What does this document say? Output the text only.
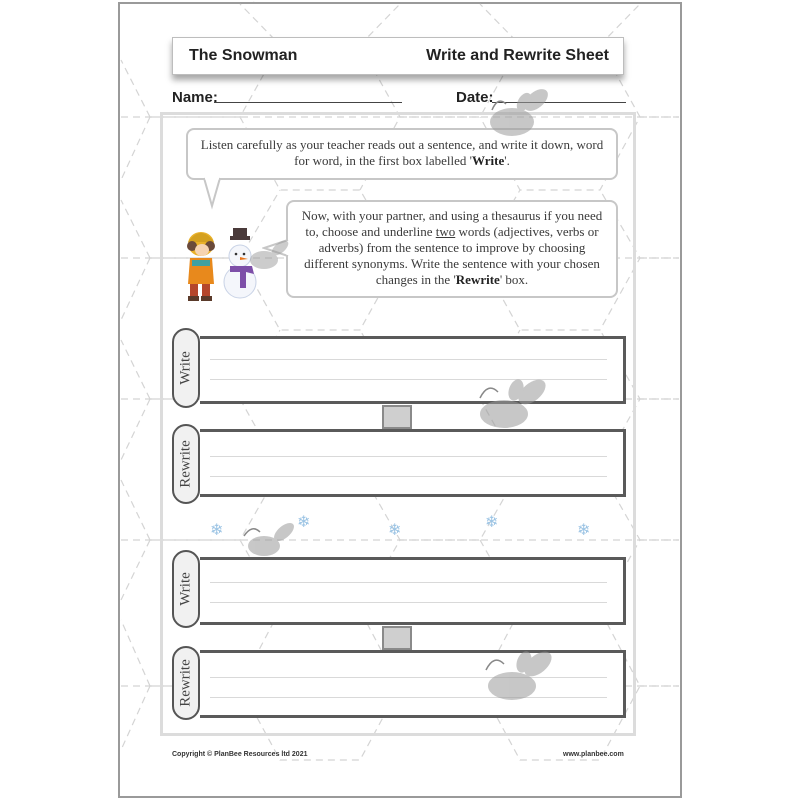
The Snowman	Write and Rewrite Sheet
Name:	Date:
Listen carefully as your teacher reads out a sentence, and write it down, word for word, in the first box labelled 'Write'.
Now, with your partner, and using a thesaurus if you need to, choose and underline two words (adjectives, verbs or adverbs) from the sentence to improve by choosing different synonyms. Write the sentence with your chosen changes in the 'Rewrite' box.
Write
Rewrite
❄	❄	❄	❄	❄
Write
Rewrite
Copyright © PlanBee Resources ltd 2021	www.planbee.com
